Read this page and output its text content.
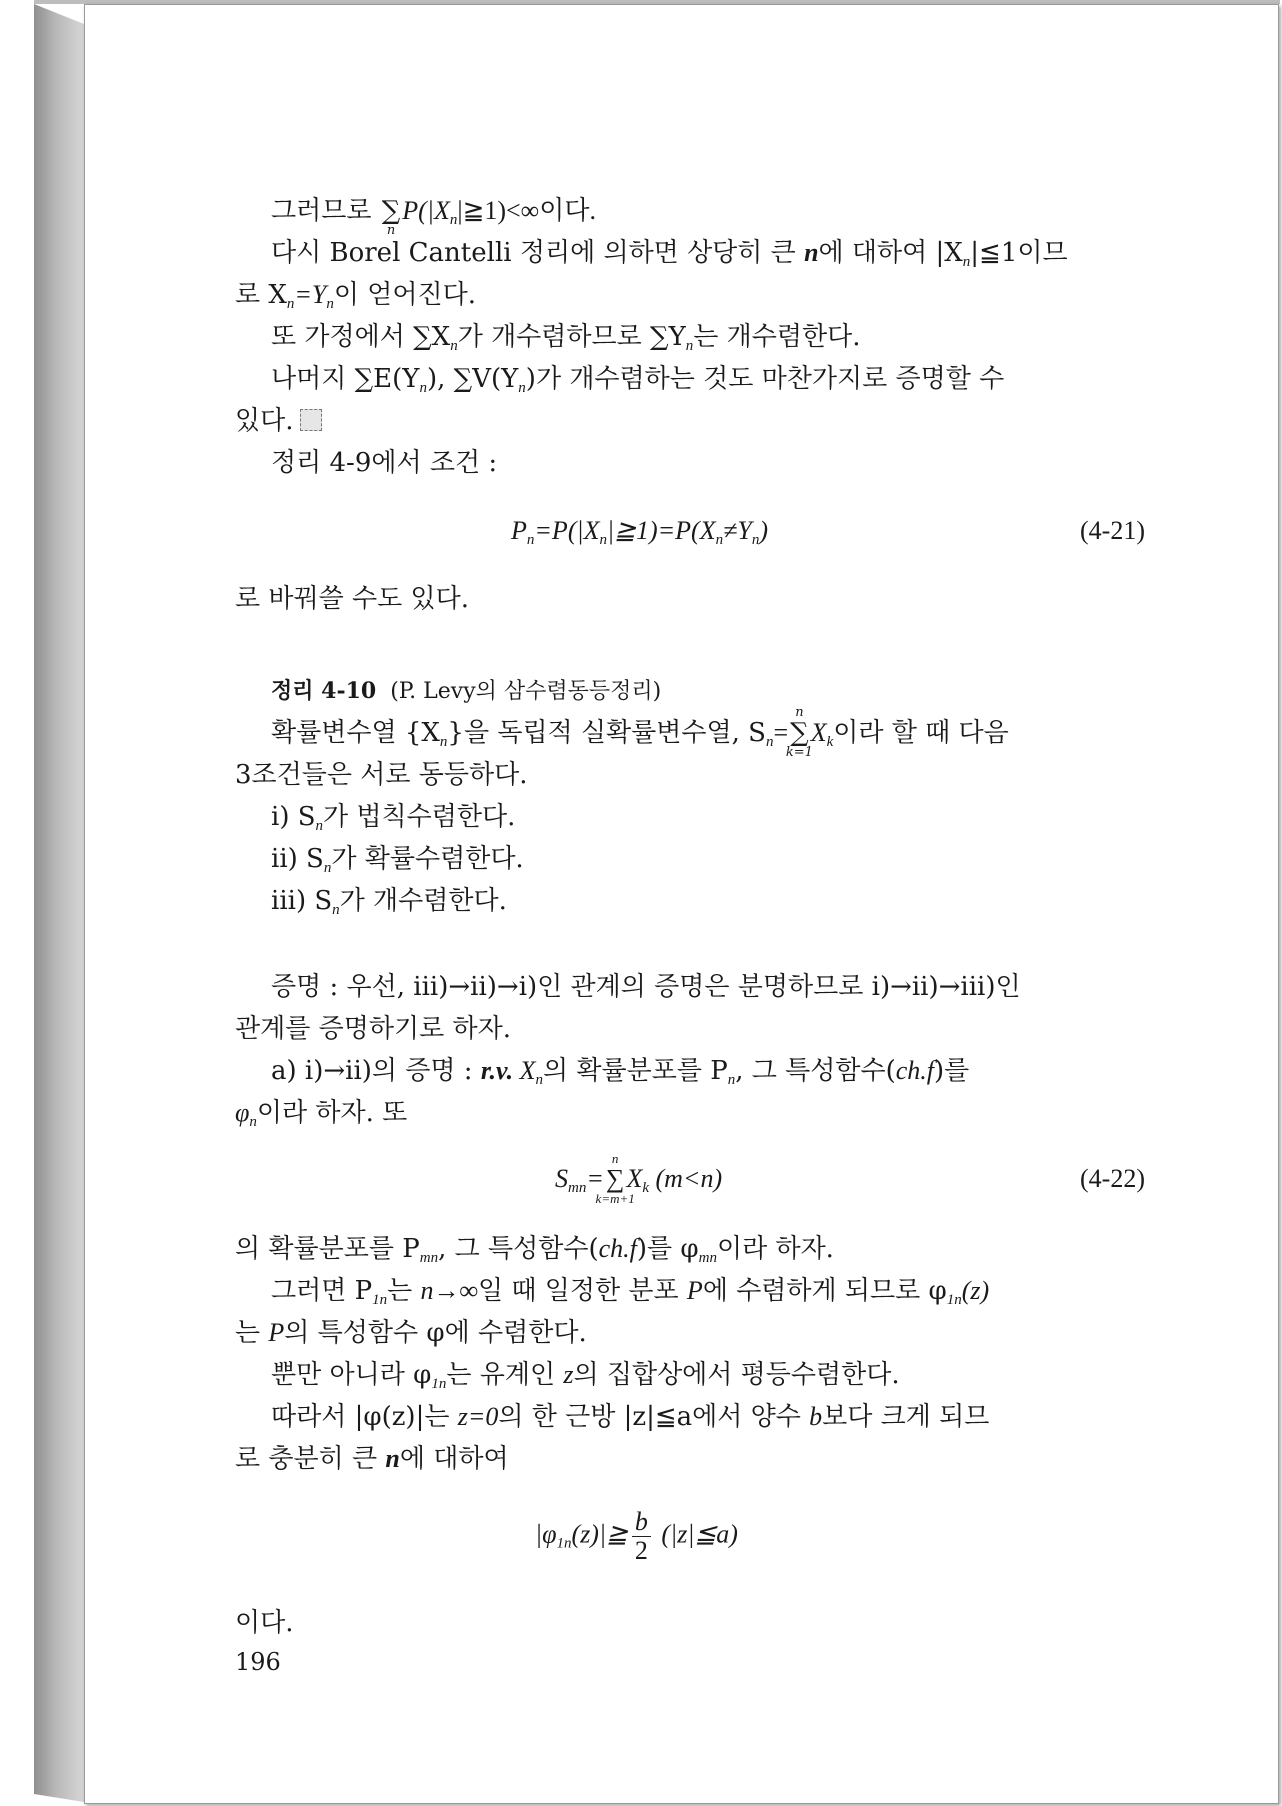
그러므로 ∑
n
$P(|X_n|≧1)<\infty$이다.
다시 Borel Cantelli 정리에 의하면 상당히 큰 n에 대하여 $|X_n|≦1$이므
로 $X_n=Y_n$이 얻어진다.
또 가정에서 $\sum X_n$가 개수렴하므로 $\sum Y_n$는 개수렴한다.
나머지 $\sum E(Y_n)$, $\sum V(Y_n)$가 개수렴하는 것도 마찬가지로 증명할 수
있다.
정리 4-9에서 조건 :
$P_n=P(|X_n|≧1)=P(X_n\ne Y_n)$	(4-21)
로 바꿔쓸 수도 있다.
정리 4-10 (P. Levy의 삼수렴동등정리)
확률변수열 $\{X_n\}$을 독립적 실확률변수열, $S_n=\sum$
n
k=1
$X_k$이라 할 때 다음
3조건들은 서로 동등하다.
i) $S_n$가 법칙수렴한다.
ii) $S_n$가 확률수렴한다.
iii) $S_n$가 개수렴한다.
증명 : 우선, iii)→ii)→i)인 관계의 증명은 분명하므로 i)→ii)→iii)인
관계를 증명하기로 하자.
a) i)→ii)의 증명 : r.v. $X_n$의 확률분포를 $P_n$, 그 특성함수(ch.f)를
$\varphi_n$이라 하자. 또
$S_{mn}=\sum$
n
k=m+1
$X_k$ (m<n)	(4-22)
의 확률분포를 $P_{mn}$, 그 특성함수(ch.f)를 $\varphi_{mn}$이라 하자.
그러면 $P_{1n}$는 n→∞일 때 일정한 분포 P에 수렴하게 되므로 $\varphi_{1n}(z)$
는 P의 특성함수 φ에 수렴한다.
뿐만 아니라 $\varphi_{1n}$는 유계인 z의 집합상에서 평등수렴한다.
따라서 |φ(z)|는 z=0의 한 근방 |z|≦a에서 양수 b보다 크게 되므
로 충분히 큰 n에 대하여
$|\varphi_{1n}(z)|≧ \frac{b}{2}$ (|z|≦a)
이다.
196
